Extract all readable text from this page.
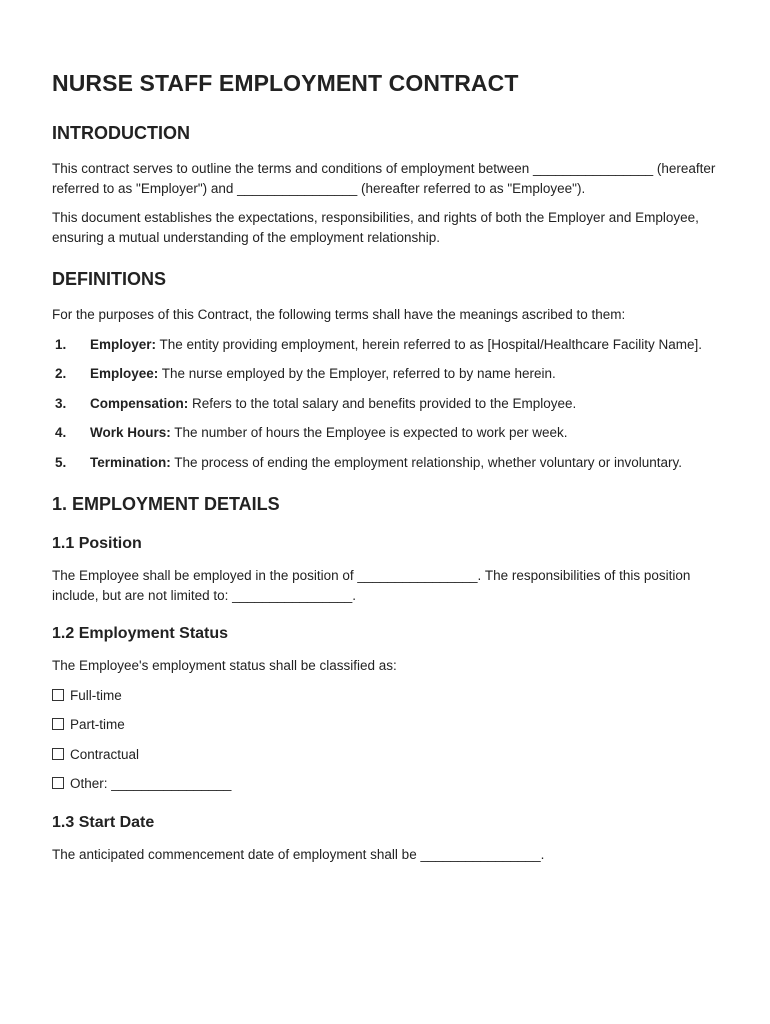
NURSE STAFF EMPLOYMENT CONTRACT
INTRODUCTION

This contract serves to outline the terms and conditions of employment between ________________ (hereafter referred to as "Employer") and ________________ (hereafter referred to as "Employee").

This document establishes the expectations, responsibilities, and rights of both the Employer and Employee, ensuring a mutual understanding of the employment relationship.

DEFINITIONS

For the purposes of this Contract, the following terms shall have the meanings ascribed to them:

1.	Employer: The entity providing employment, herein referred to as [Hospital/Healthcare Facility Name].
2.	Employee: The nurse employed by the Employer, referred to by name herein.
3.	Compensation: Refers to the total salary and benefits provided to the Employee.
4.	Work Hours: The number of hours the Employee is expected to work per week.
5.	Termination: The process of ending the employment relationship, whether voluntary or involuntary.
1. EMPLOYMENT DETAILS
1.1 Position

The Employee shall be employed in the position of ________________. The responsibilities of this position include, but are not limited to: ________________.

1.2 Employment Status

The Employee's employment status shall be classified as:

Full-time
Part-time
Contractual
Other: ________________
1.3 Start Date

The anticipated commencement date of employment shall be ________________.
